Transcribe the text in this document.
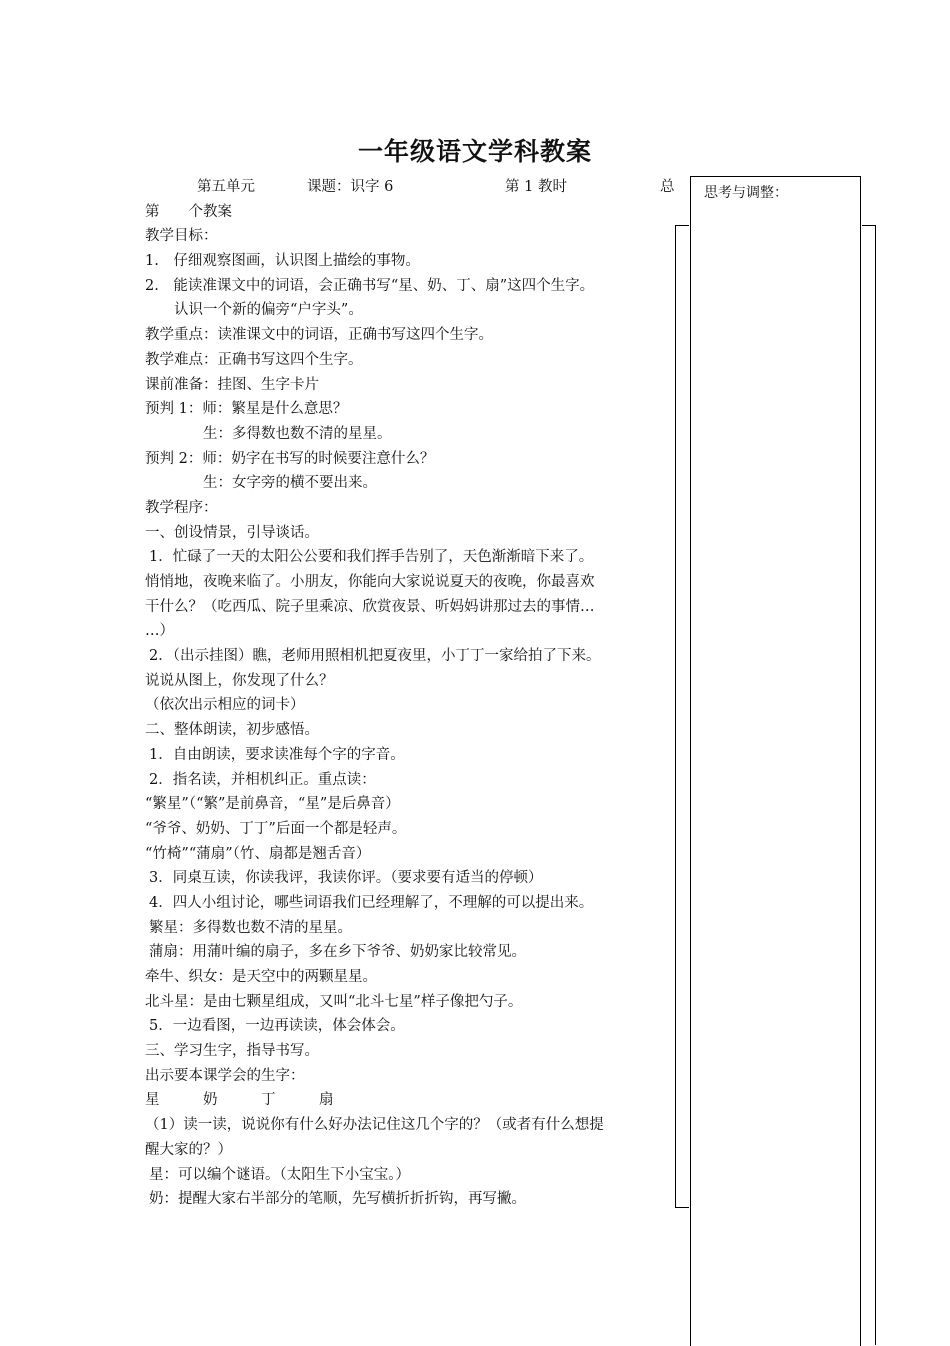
一年级语文学科教案
第五单元	课题：识字 6	第 1 教时	总
第　　个教案
教学目标：
1.　仔细观察图画，认识图上描绘的事物。
2.　能读准课文中的词语，会正确书写“星、奶、丁、扇”这四个生字。
认识一个新的偏旁“户字头”。
教学重点：读准课文中的词语，正确书写这四个生字。
教学难点：正确书写这四个生字。
课前准备：挂图、生字卡片
预判 1：师：繁星是什么意思？
生：多得数也数不清的星星。
预判 2：师：奶字在书写的时候要注意什么？
生：女字旁的横不要出来。
教学程序：
一、创设情景，引导谈话。
1．忙碌了一天的太阳公公要和我们挥手告别了，天色渐渐暗下来了。
悄悄地，夜晚来临了。小朋友，你能向大家说说夏天的夜晚，你最喜欢
干什么？（吃西瓜、院子里乘凉、欣赏夜景、听妈妈讲那过去的事情…
…）
2．（出示挂图）瞧，老师用照相机把夏夜里，小丁丁一家给拍了下来。
说说从图上，你发现了什么？
（依次出示相应的词卡）
二、整体朗读，初步感悟。
1．自由朗读，要求读准每个字的字音。
2．指名读，并相机纠正。重点读：
“繁星”（“繁”是前鼻音，“星”是后鼻音）
“爷爷、奶奶、丁丁”后面一个都是轻声。
“竹椅”“蒲扇”（竹、扇都是翘舌音）
3．同桌互读，你读我评，我读你评。（要求要有适当的停顿）
4．四人小组讨论，哪些词语我们已经理解了，不理解的可以提出来。
繁星：多得数也数不清的星星。
蒲扇：用蒲叶编的扇子，多在乡下爷爷、奶奶家比较常见。
牵牛、织女：是天空中的两颗星星。
北斗星：是由七颗星组成，又叫“北斗七星”样子像把勺子。
5．一边看图，一边再读读，体会体会。
三、学习生字，指导书写。
出示要本课学会的生字：
星　　　奶　　　丁　　　扇
（1）读一读，说说你有什么好办法记住这几个字的？（或者有什么想提
醒大家的？）
星：可以编个谜语。（太阳生下小宝宝。）
奶：提醒大家右半部分的笔顺，先写横折折折钩，再写撇。
思考与调整：
